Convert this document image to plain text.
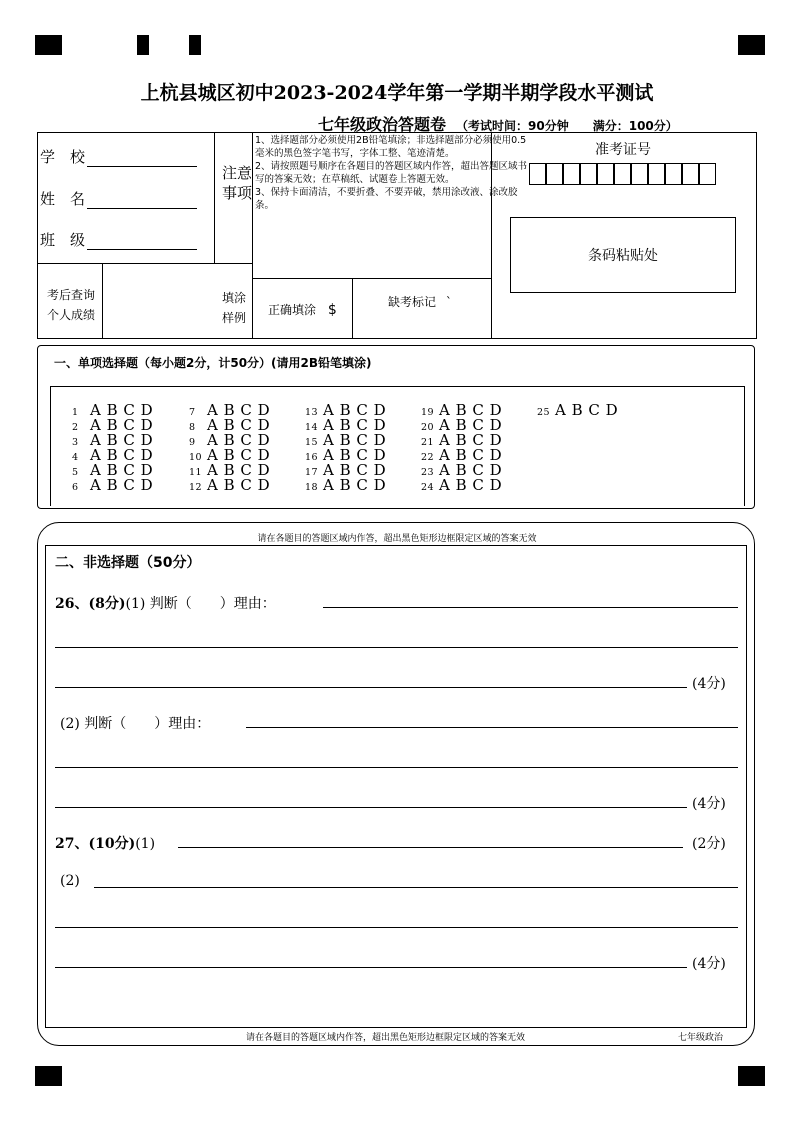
上杭县城区初中2023-2024学年第一学期半期学段水平测试
七年级政治答题卷 （考试时间：90分钟　　满分：100分）
学　校
姓　名
班　级
注意事项

1、选择题部分必须使用2B铅笔填涂；非选择题部分必须使用0.5毫米的黑色签字笔书写，字体工整、笔迹清楚。

2、请按照题号顺序在各题目的答题区域内作答，超出答题区域书写的答案无效；在草稿纸、试题卷上答题无效。

3、保持卡面清洁，不要折叠、不要弄破，禁用涂改液、涂改胶条。

考后查询个人成绩
填涂样例
正确填涂 $	缺考标记 `
准考证号
条码粘贴处
一、单项选择题（每小题2分，计50分）(请用2B铅笔填涂)
1 A B C D
2 A B C D
3 A B C D
4 A B C D
5 A B C D
6 A B C D
7 A B C D
8 A B C D
9 A B C D
10 A B C D
11 A B C D
12 A B C D
13 A B C D
14 A B C D
15 A B C D
16 A B C D
17 A B C D
18 A B C D
19 A B C D
20 A B C D
21 A B C D
22 A B C D
23 A B C D
24 A B C D
25 A B C D
请在各题目的答题区域内作答，超出黑色矩形边框限定区域的答案无效
二、非选择题（50分）
26、(8分)(1) 判断（　　）理由：
(4分)
(2) 判断（　　）理由：
(4分)
27、(10分)(1)	(2分)
(2)
(4分)
请在各题目的答题区域内作答，超出黑色矩形边框限定区域的答案无效	七年级政治
